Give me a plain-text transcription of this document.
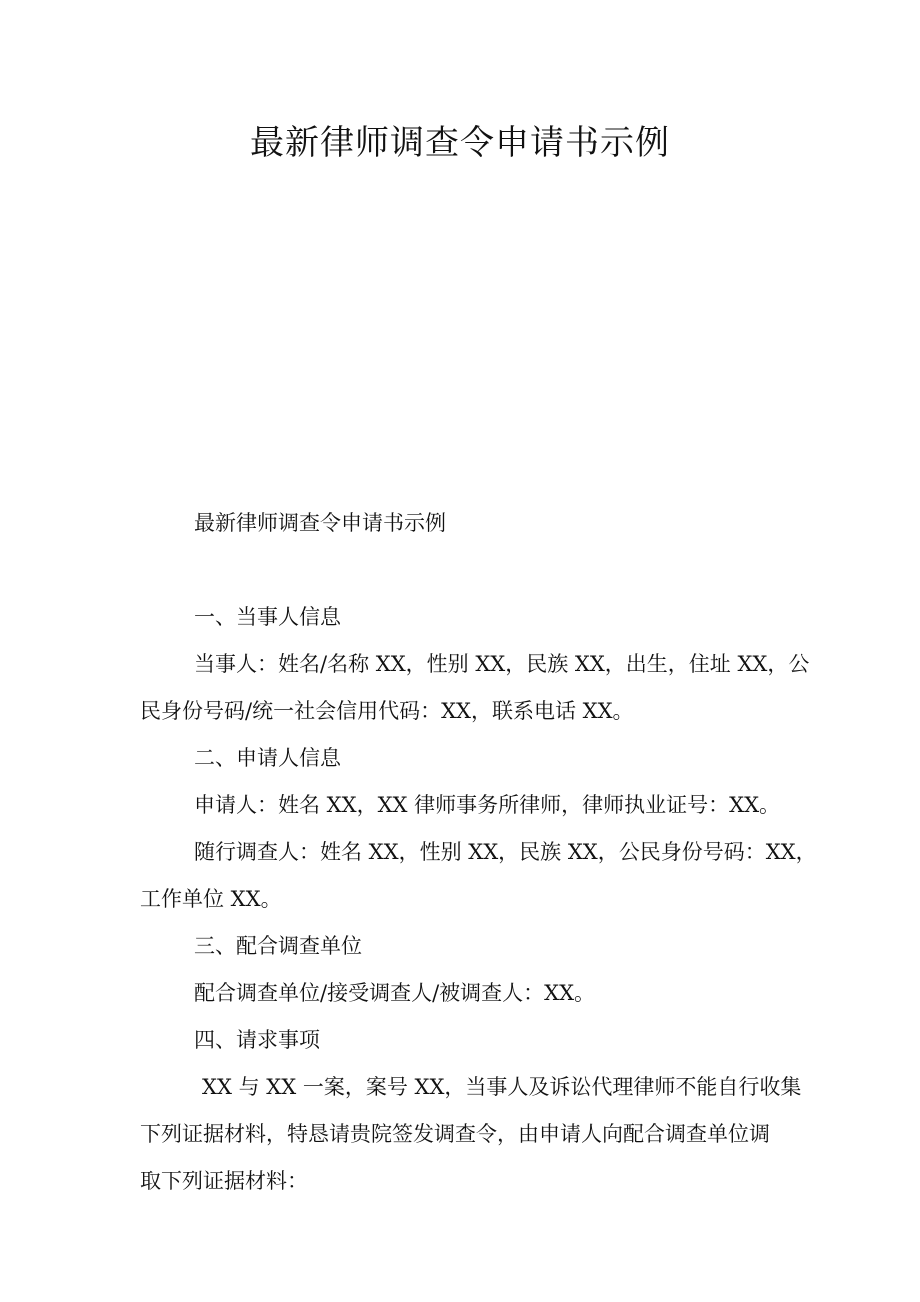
最新律师调查令申请书示例
最新律师调查令申请书示例
一、当事人信息
当事人：姓名/名称 XX，性别 XX，民族 XX，出生，住址 XX，公
民身份号码/统一社会信用代码：XX，联系电话 XX。
二、申请人信息
申请人：姓名 XX，XX 律师事务所律师，律师执业证号：XX。
随行调查人：姓名 XX，性别 XX，民族 XX，公民身份号码：XX，
工作单位 XX。
三、配合调查单位
配合调查单位/接受调查人/被调查人：XX。
四、请求事项
XX 与 XX 一案，案号 XX，当事人及诉讼代理律师不能自行收集
下列证据材料，特恳请贵院签发调查令，由申请人向配合调查单位调
取下列证据材料：
